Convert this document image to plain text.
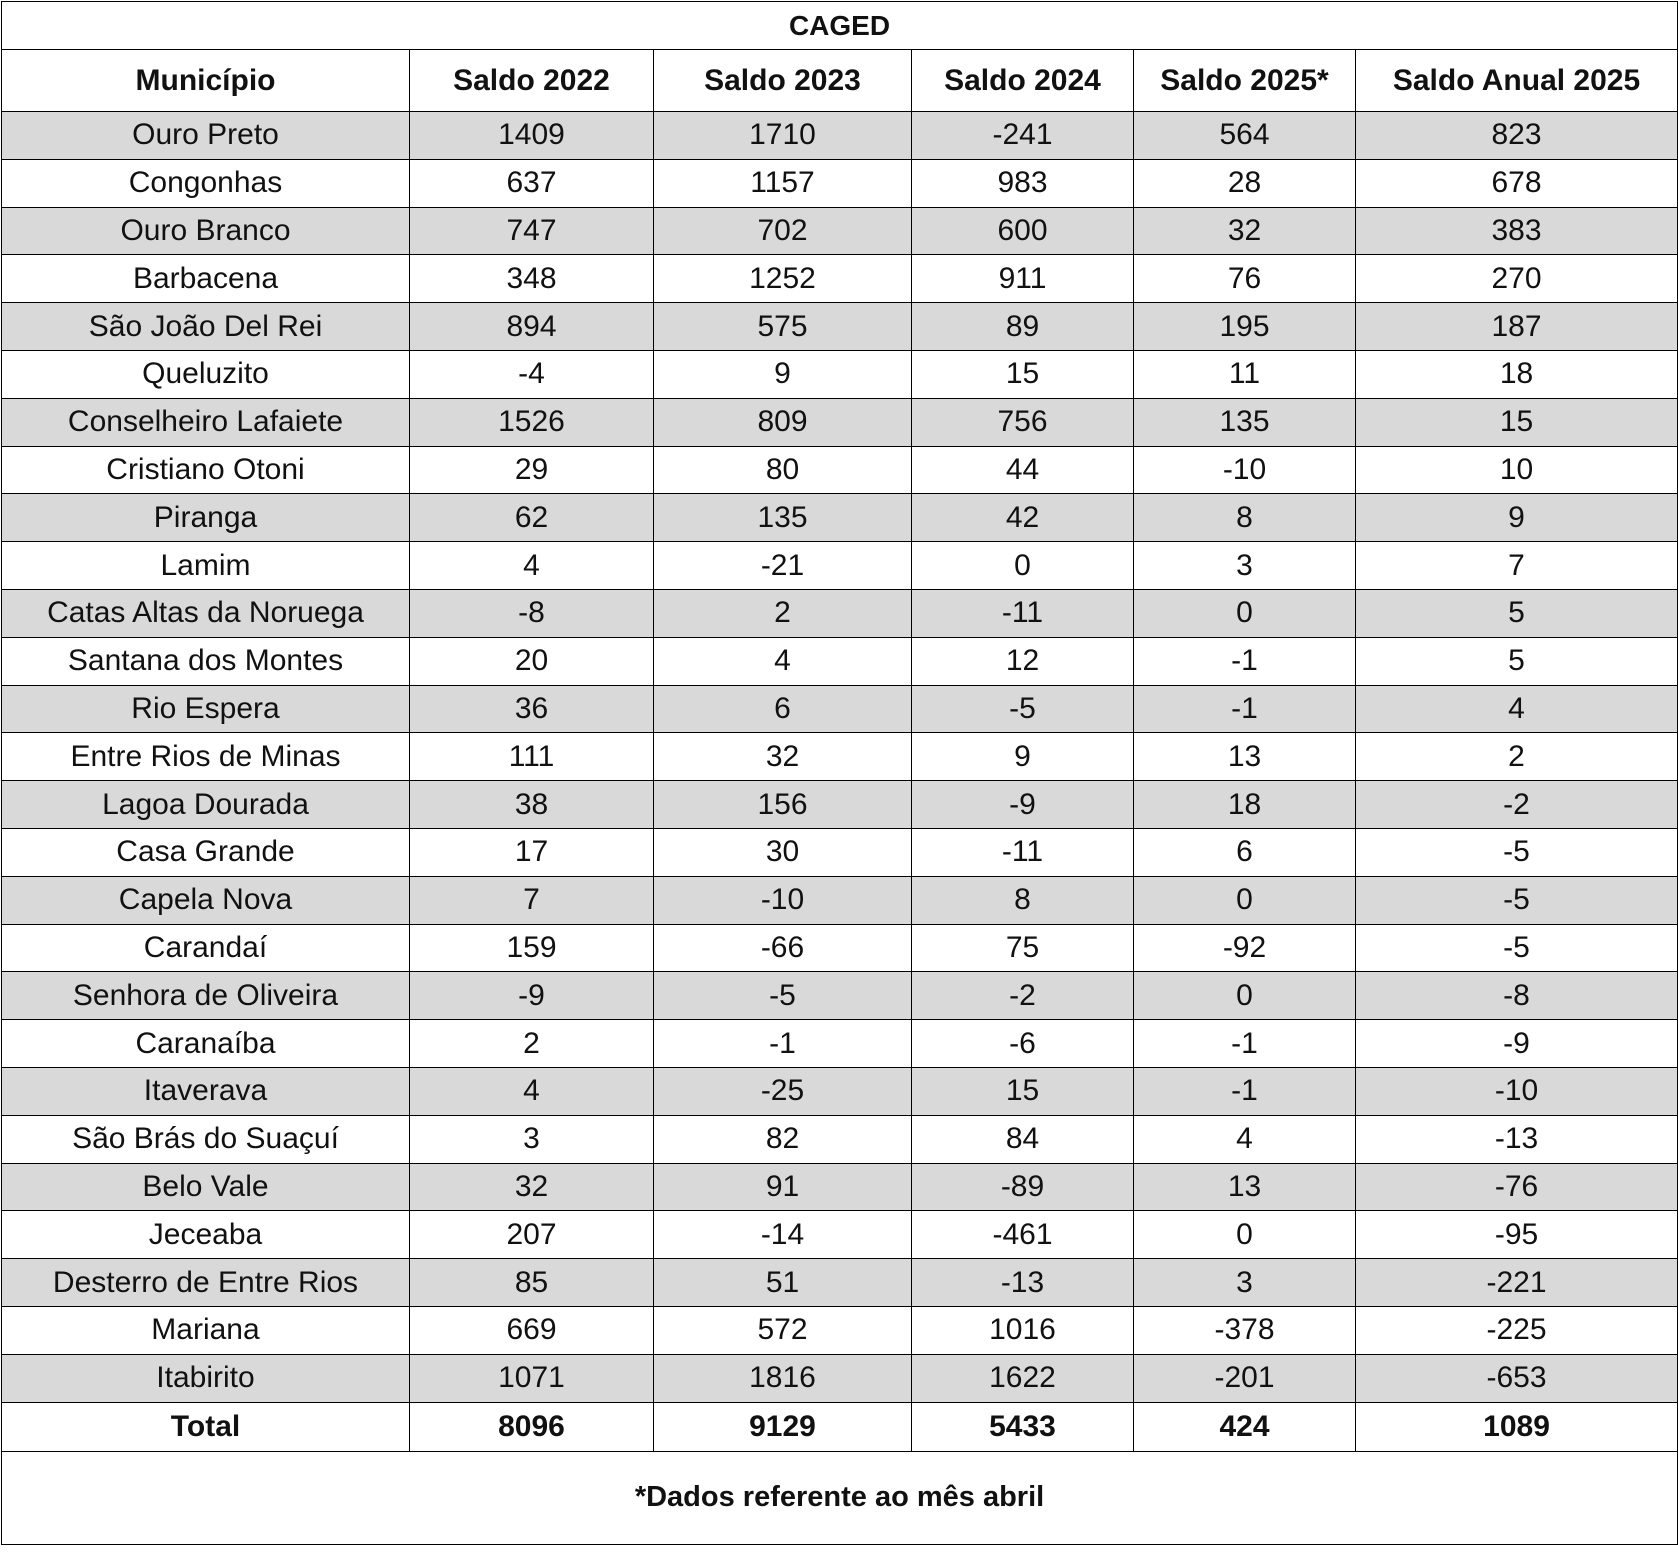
CAGED					
Município	Saldo 2022	Saldo 2023	Saldo 2024	Saldo 2025*	Saldo Anual 2025
Ouro Preto	1409	1710	-241	564	823
Congonhas	637	1157	983	28	678
Ouro Branco	747	702	600	32	383
Barbacena	348	1252	911	76	270
São João Del Rei	894	575	89	195	187
Queluzito	-4	9	15	11	18
Conselheiro Lafaiete	1526	809	756	135	15
Cristiano Otoni	29	80	44	-10	10
Piranga	62	135	42	8	9
Lamim	4	-21	0	3	7
Catas Altas da Noruega	-8	2	-11	0	5
Santana dos Montes	20	4	12	-1	5
Rio Espera	36	6	-5	-1	4
Entre Rios de Minas	111	32	9	13	2
Lagoa Dourada	38	156	-9	18	-2
Casa Grande	17	30	-11	6	-5
Capela Nova	7	-10	8	0	-5
Carandaí	159	-66	75	-92	-5
Senhora de Oliveira	-9	-5	-2	0	-8
Caranaíba	2	-1	-6	-1	-9
Itaverava	4	-25	15	-1	-10
São Brás do Suaçuí	3	82	84	4	-13
Belo Vale	32	91	-89	13	-76
Jeceaba	207	-14	-461	0	-95
Desterro de Entre Rios	85	51	-13	3	-221
Mariana	669	572	1016	-378	-225
Itabirito	1071	1816	1622	-201	-653
Total	8096	9129	5433	424	1089
*Dados referente ao mês abril					
